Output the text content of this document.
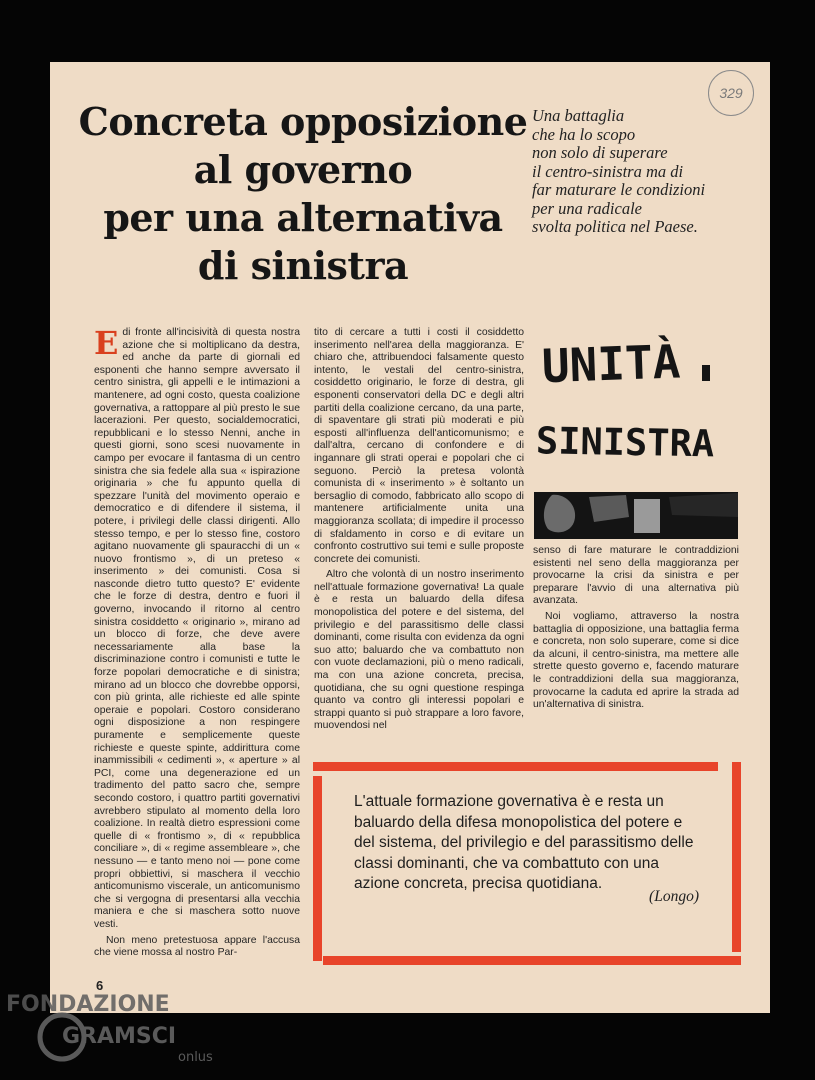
329
Concreta opposizione
al governo
per una alternativa
di sinistra
Una battaglia
che ha lo scopo
non solo di superare
il centro-sinistra ma di
far maturare le condizioni
per una radicale
svolta politica nel Paese.

Edi fronte all'incisività di questa nostra azione che si moltiplicano da destra, ed anche da parte di giornali ed esponenti che hanno sempre avversato il centro sinistra, gli appelli e le intimazioni a mantenere, ad ogni costo, questa coalizione governativa, a rattoppare al più presto le sue lacerazioni. Per questo, socialdemocratici, repubblicani e lo stesso Nenni, anche in questi giorni, sono scesi nuovamente in campo per evocare il fantasma di un centro sinistra che sia fedele alla sua « ispirazione originaria » che fu appunto quella di spezzare l'unità del movimento operaio e democratico e di difendere il sistema, il potere, i privilegi delle classi dirigenti. Allo stesso tempo, e per lo stesso fine, costoro agitano nuovamente gli spauracchi di un « nuovo frontismo », di un preteso « inserimento » dei comunisti. Cosa si nasconde dietro tutto questo? E' evidente che le forze di destra, dentro e fuori il governo, invocando il ritorno al centro sinistra cosiddetto « originario », mirano ad un blocco di forze, che deve avere necessariamente alla base la discriminazione contro i comunisti e tutte le forze popolari democratiche e di sinistra; mirano ad un blocco che dovrebbe opporsi, con più grinta, alle richieste ed alle spinte operaie e popolari. Costoro considerano ogni disposizione a non respingere puramente e semplicemente queste richieste e queste spinte, addirittura come inammissibili « cedimenti », « aperture » al PCI, come una degenerazione ed un tradimento del patto sacro che, sempre secondo costoro, i quattro partiti governativi avrebbero stipulato al momento della loro coalizione. In realtà dietro espressioni come quelle di « frontismo », di « repubblica conciliare », di « regime assembleare », che nessuno — e tanto meno noi — pone come propri obbiettivi, si maschera il vecchio anticomunismo viscerale, un anticomunismo che si vergogna di presentarsi alla vecchia maniera e che si maschera sotto nuove vesti.

Non meno pretestuosa appare l'accusa che viene mossa al nostro Par-

tito di cercare a tutti i costi il cosiddetto inserimento nell'area della maggioranza. E' chiaro che, attribuendoci falsamente questo intento, le vestali del centro-sinistra, cosiddetto originario, le forze di destra, gli esponenti conservatori della DC e degli altri partiti della coalizione cercano, da una parte, di spaventare gli strati più moderati e più esposti all'influenza dell'anticomunismo; e dall'altra, cercano di confondere e di ingannare gli strati operai e popolari che ci seguono. Perciò la pretesa volontà comunista di « inserimento » è soltanto un bersaglio di comodo, fabbricato allo scopo di mantenere artificialmente unita una maggioranza scollata; di impedire il processo di sfaldamento in corso e di evitare un confronto costruttivo sui temi e sulle proposte concrete dei comunisti.

Altro che volontà di un nostro inserimento nell'attuale formazione governativa! La quale è e resta un baluardo della difesa monopolistica del potere e del sistema, del privilegio e del parassitismo delle classi dominanti, come risulta con evidenza da ogni suo atto; baluardo che va combattuto non con vuote declamazioni, più o meno radicali, ma con una azione concreta, precisa, quotidiana, che su ogni questione respinga quanto va contro gli interessi popolari e strappi quanto si può strappare a loro favore, muovendosi nel

UNITÀ
SINISTRA

senso di fare maturare le contraddizioni esistenti nel seno della maggioranza per provocarne la crisi da sinistra e per preparare l'avvio di una alternativa più avanzata.

Noi vogliamo, attraverso la nostra battaglia di opposizione, una battaglia ferma e concreta, non solo superare, come si dice da alcuni, il centro-sinistra, ma mettere alle strette questo governo e, facendo maturare le contraddizioni della sua maggioranza, provocarne la caduta ed aprire la strada ad un'alternativa di sinistra.

L'attuale formazione governativa è e resta un baluardo della difesa monopolistica del potere e del sistema, del privilegio e del parassitismo delle classi dominanti, che va combattuto con una azione concreta, precisa quotidiana.
(Longo)
6
FONDAZIONE
GRAMSCI
onlus
